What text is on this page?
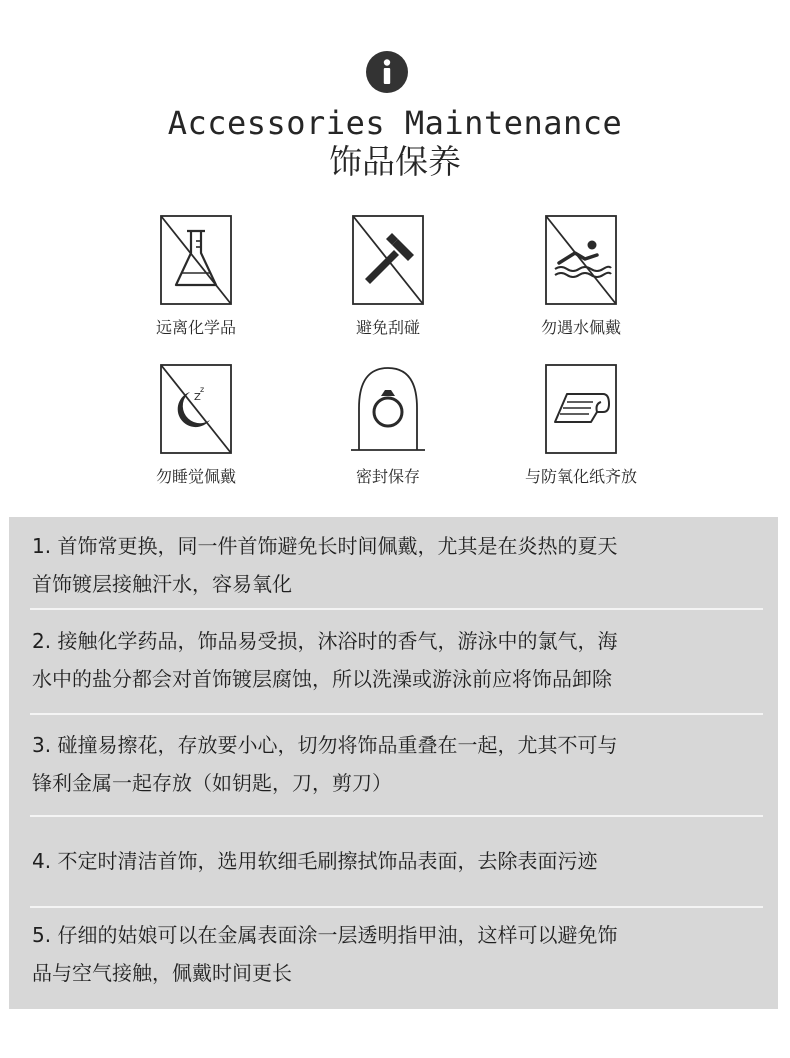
Accessories Maintenance
饰品保养
远离化学品	避免刮碰	勿遇水佩戴
Z
z
勿睡觉佩戴	密封保存	与防氧化纸齐放
1. 首饰常更换，同一件首饰避免长时间佩戴，尤其是在炎热的夏天
首饰镀层接触汗水，容易氧化
2. 接触化学药品，饰品易受损，沐浴时的香气，游泳中的氯气，海
水中的盐分都会对首饰镀层腐蚀，所以洗澡或游泳前应将饰品卸除
3. 碰撞易擦花，存放要小心，切勿将饰品重叠在一起，尤其不可与
锋利金属一起存放（如钥匙，刀，剪刀）
4. 不定时清洁首饰，选用软细毛刷擦拭饰品表面，去除表面污迹
5. 仔细的姑娘可以在金属表面涂一层透明指甲油，这样可以避免饰
品与空气接触，佩戴时间更长
